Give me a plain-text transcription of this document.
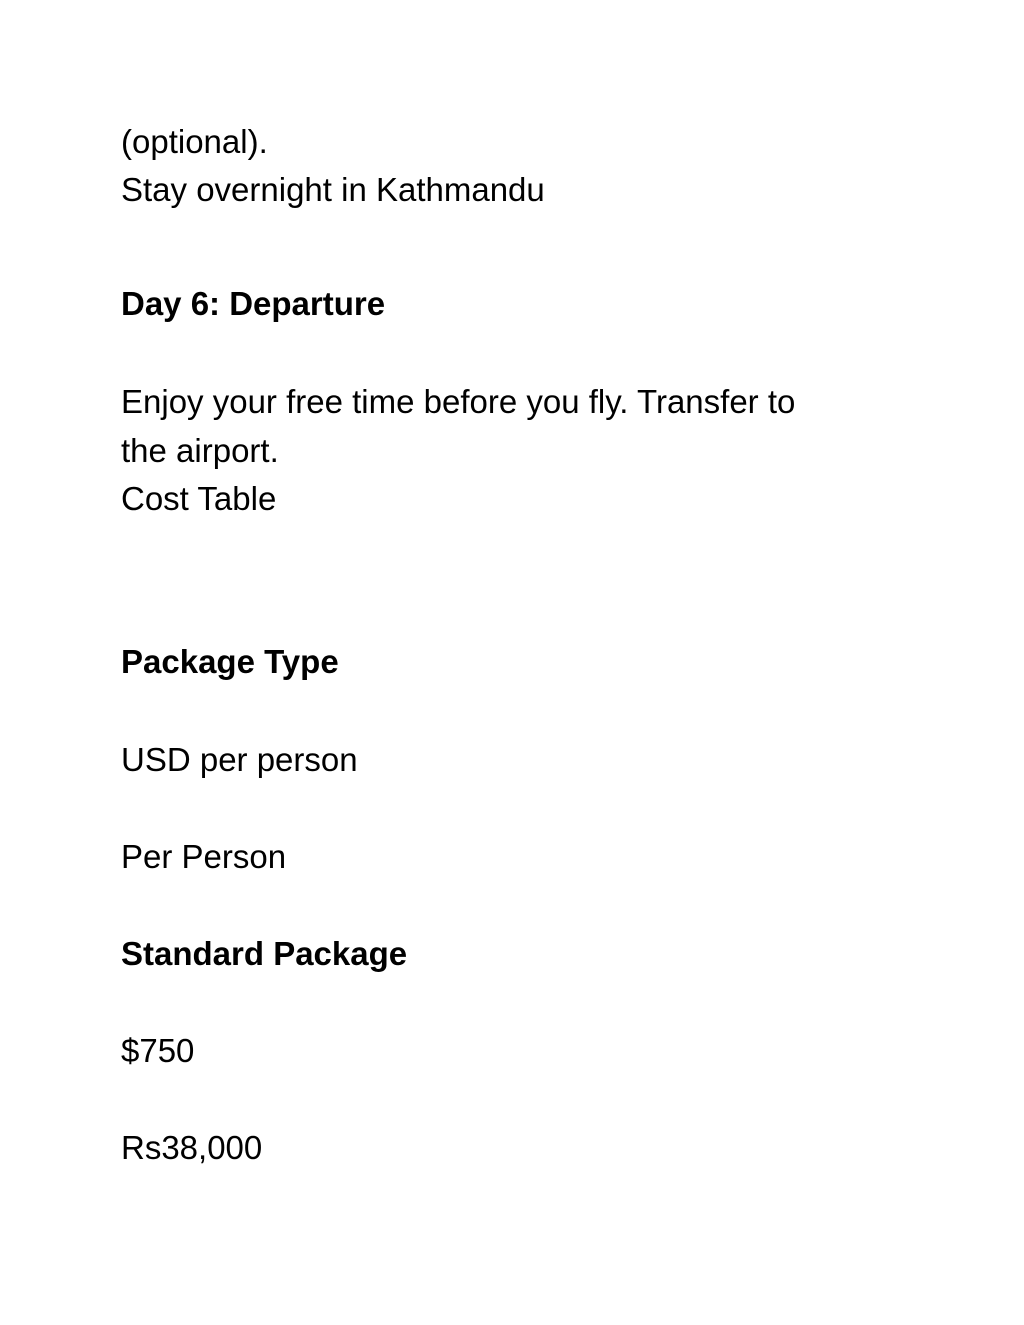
(optional).

Stay overnight in Kathmandu

Day 6: Departure

Enjoy your free time before you fly. Transfer to

the airport.

Cost Table

Package Type

USD per person

Per Person

Standard Package

$750

Rs38,000
